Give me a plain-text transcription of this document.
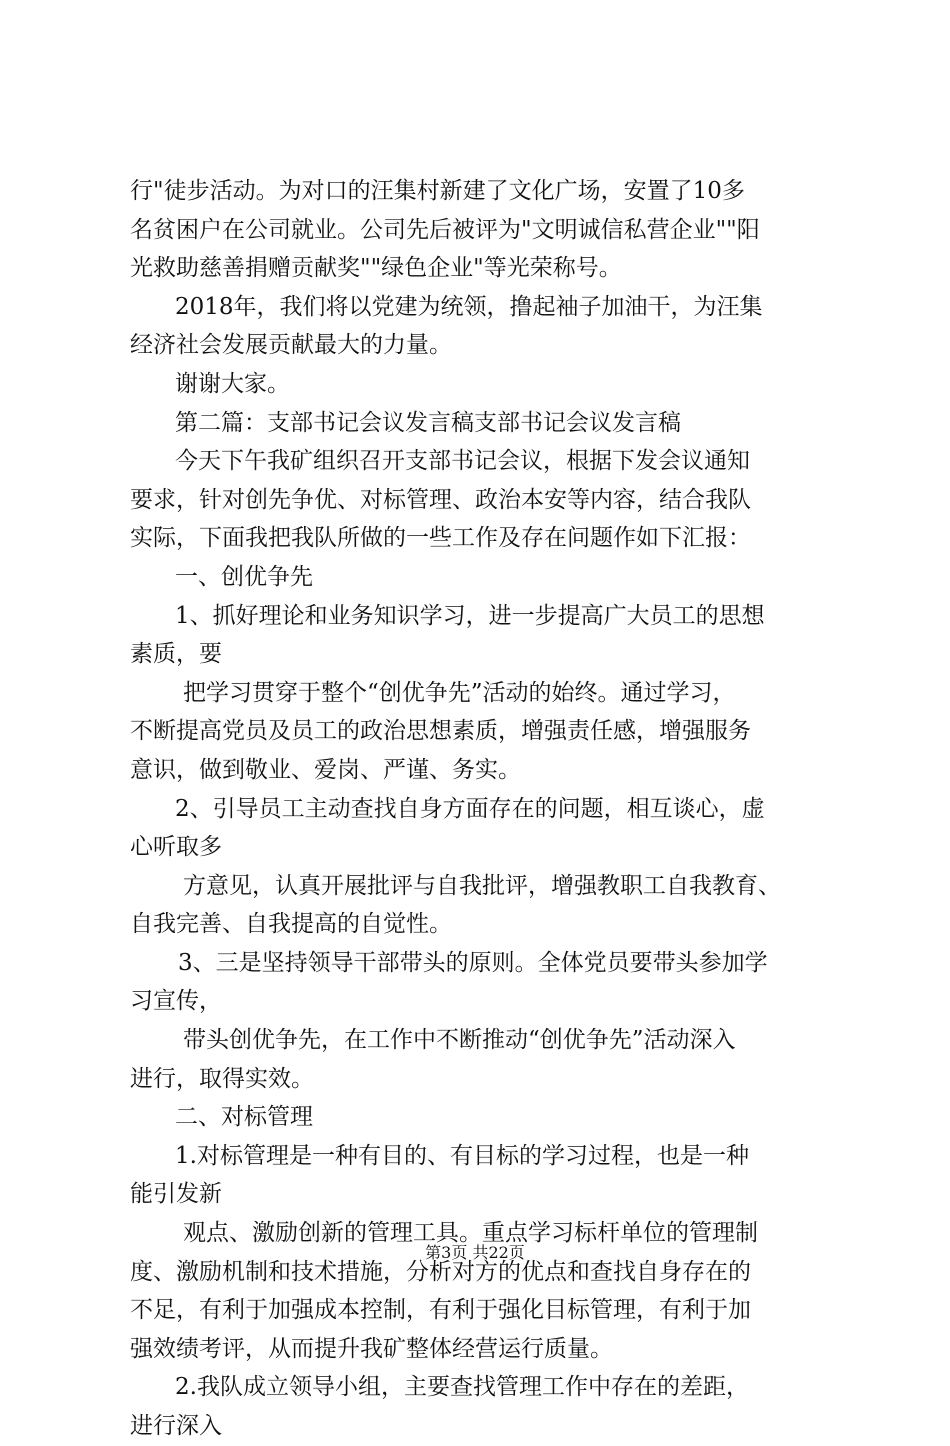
行"徒步活动。为对口的汪集村新建了文化广场，安置了10多
名贫困户在公司就业。公司先后被评为"文明诚信私营企业""阳
光救助慈善捐赠贡献奖""绿色企业"等光荣称号。
2018年，我们将以党建为统领，撸起袖子加油干，为汪集
经济社会发展贡献最大的力量。
谢谢大家。
第二篇：支部书记会议发言稿支部书记会议发言稿
今天下午我矿组织召开支部书记会议，根据下发会议通知
要求，针对创先争优、对标管理、政治本安等内容，结合我队
实际，下面我把我队所做的一些工作及存在问题作如下汇报：
一、创优争先
1、抓好理论和业务知识学习，进一步提高广大员工的思想
素质，要
把学习贯穿于整个“创优争先”活动的始终。通过学习，
不断提高党员及员工的政治思想素质，增强责任感，增强服务
意识，做到敬业、爱岗、严谨、务实。
2、引导员工主动查找自身方面存在的问题，相互谈心，虚
心听取多
方意见，认真开展批评与自我批评，增强教职工自我教育、
自我完善、自我提高的自觉性。
3、三是坚持领导干部带头的原则。全体党员要带头参加学
习宣传，
带头创优争先，在工作中不断推动“创优争先”活动深入
进行，取得实效。
二、对标管理
1.对标管理是一种有目的、有目标的学习过程，也是一种
能引发新
观点、激励创新的管理工具。重点学习标杆单位的管理制
度、激励机制和技术措施，分析对方的优点和查找自身存在的
不足，有利于加强成本控制，有利于强化目标管理，有利于加
强效绩考评，从而提升我矿整体经营运行质量。
2.我队成立领导小组，主要查找管理工作中存在的差距，
进行深入
第3页 共22页
